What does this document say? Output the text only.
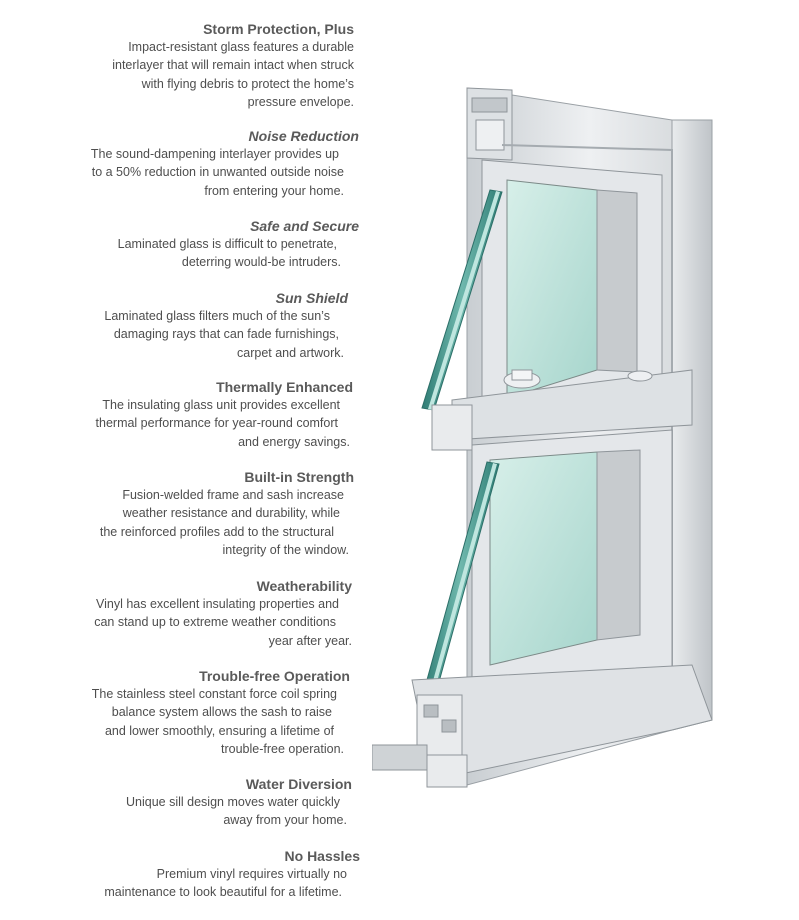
Storm Protection, Plus
Impact-resistant glass features a durable
interlayer that will remain intact when struck
with flying debris to protect the home’s
pressure envelope.
Noise Reduction
The sound-dampening interlayer provides up
to a 50% reduction in unwanted outside noise
from entering your home.
Safe and Secure
Laminated glass is difficult to penetrate,
deterring would-be intruders.
Sun Shield
Laminated glass filters much of the sun’s
damaging rays that can fade furnishings,
carpet and artwork.
Thermally Enhanced
The insulating glass unit provides excellent
thermal performance for year-round comfort
and energy savings.
Built-in Strength
Fusion-welded frame and sash increase
weather resistance and durability, while
the reinforced profiles add to the structural
integrity of the window.
Weatherability
Vinyl has excellent insulating properties and
can stand up to extreme weather conditions
year after year.
Trouble-free Operation
The stainless steel constant force coil spring
balance system allows the sash to raise
and lower smoothly, ensuring a lifetime of
trouble-free operation.
Water Diversion
Unique sill design moves water quickly
away from your home.
No Hassles
Premium vinyl requires virtually no
maintenance to look beautiful for a lifetime.
